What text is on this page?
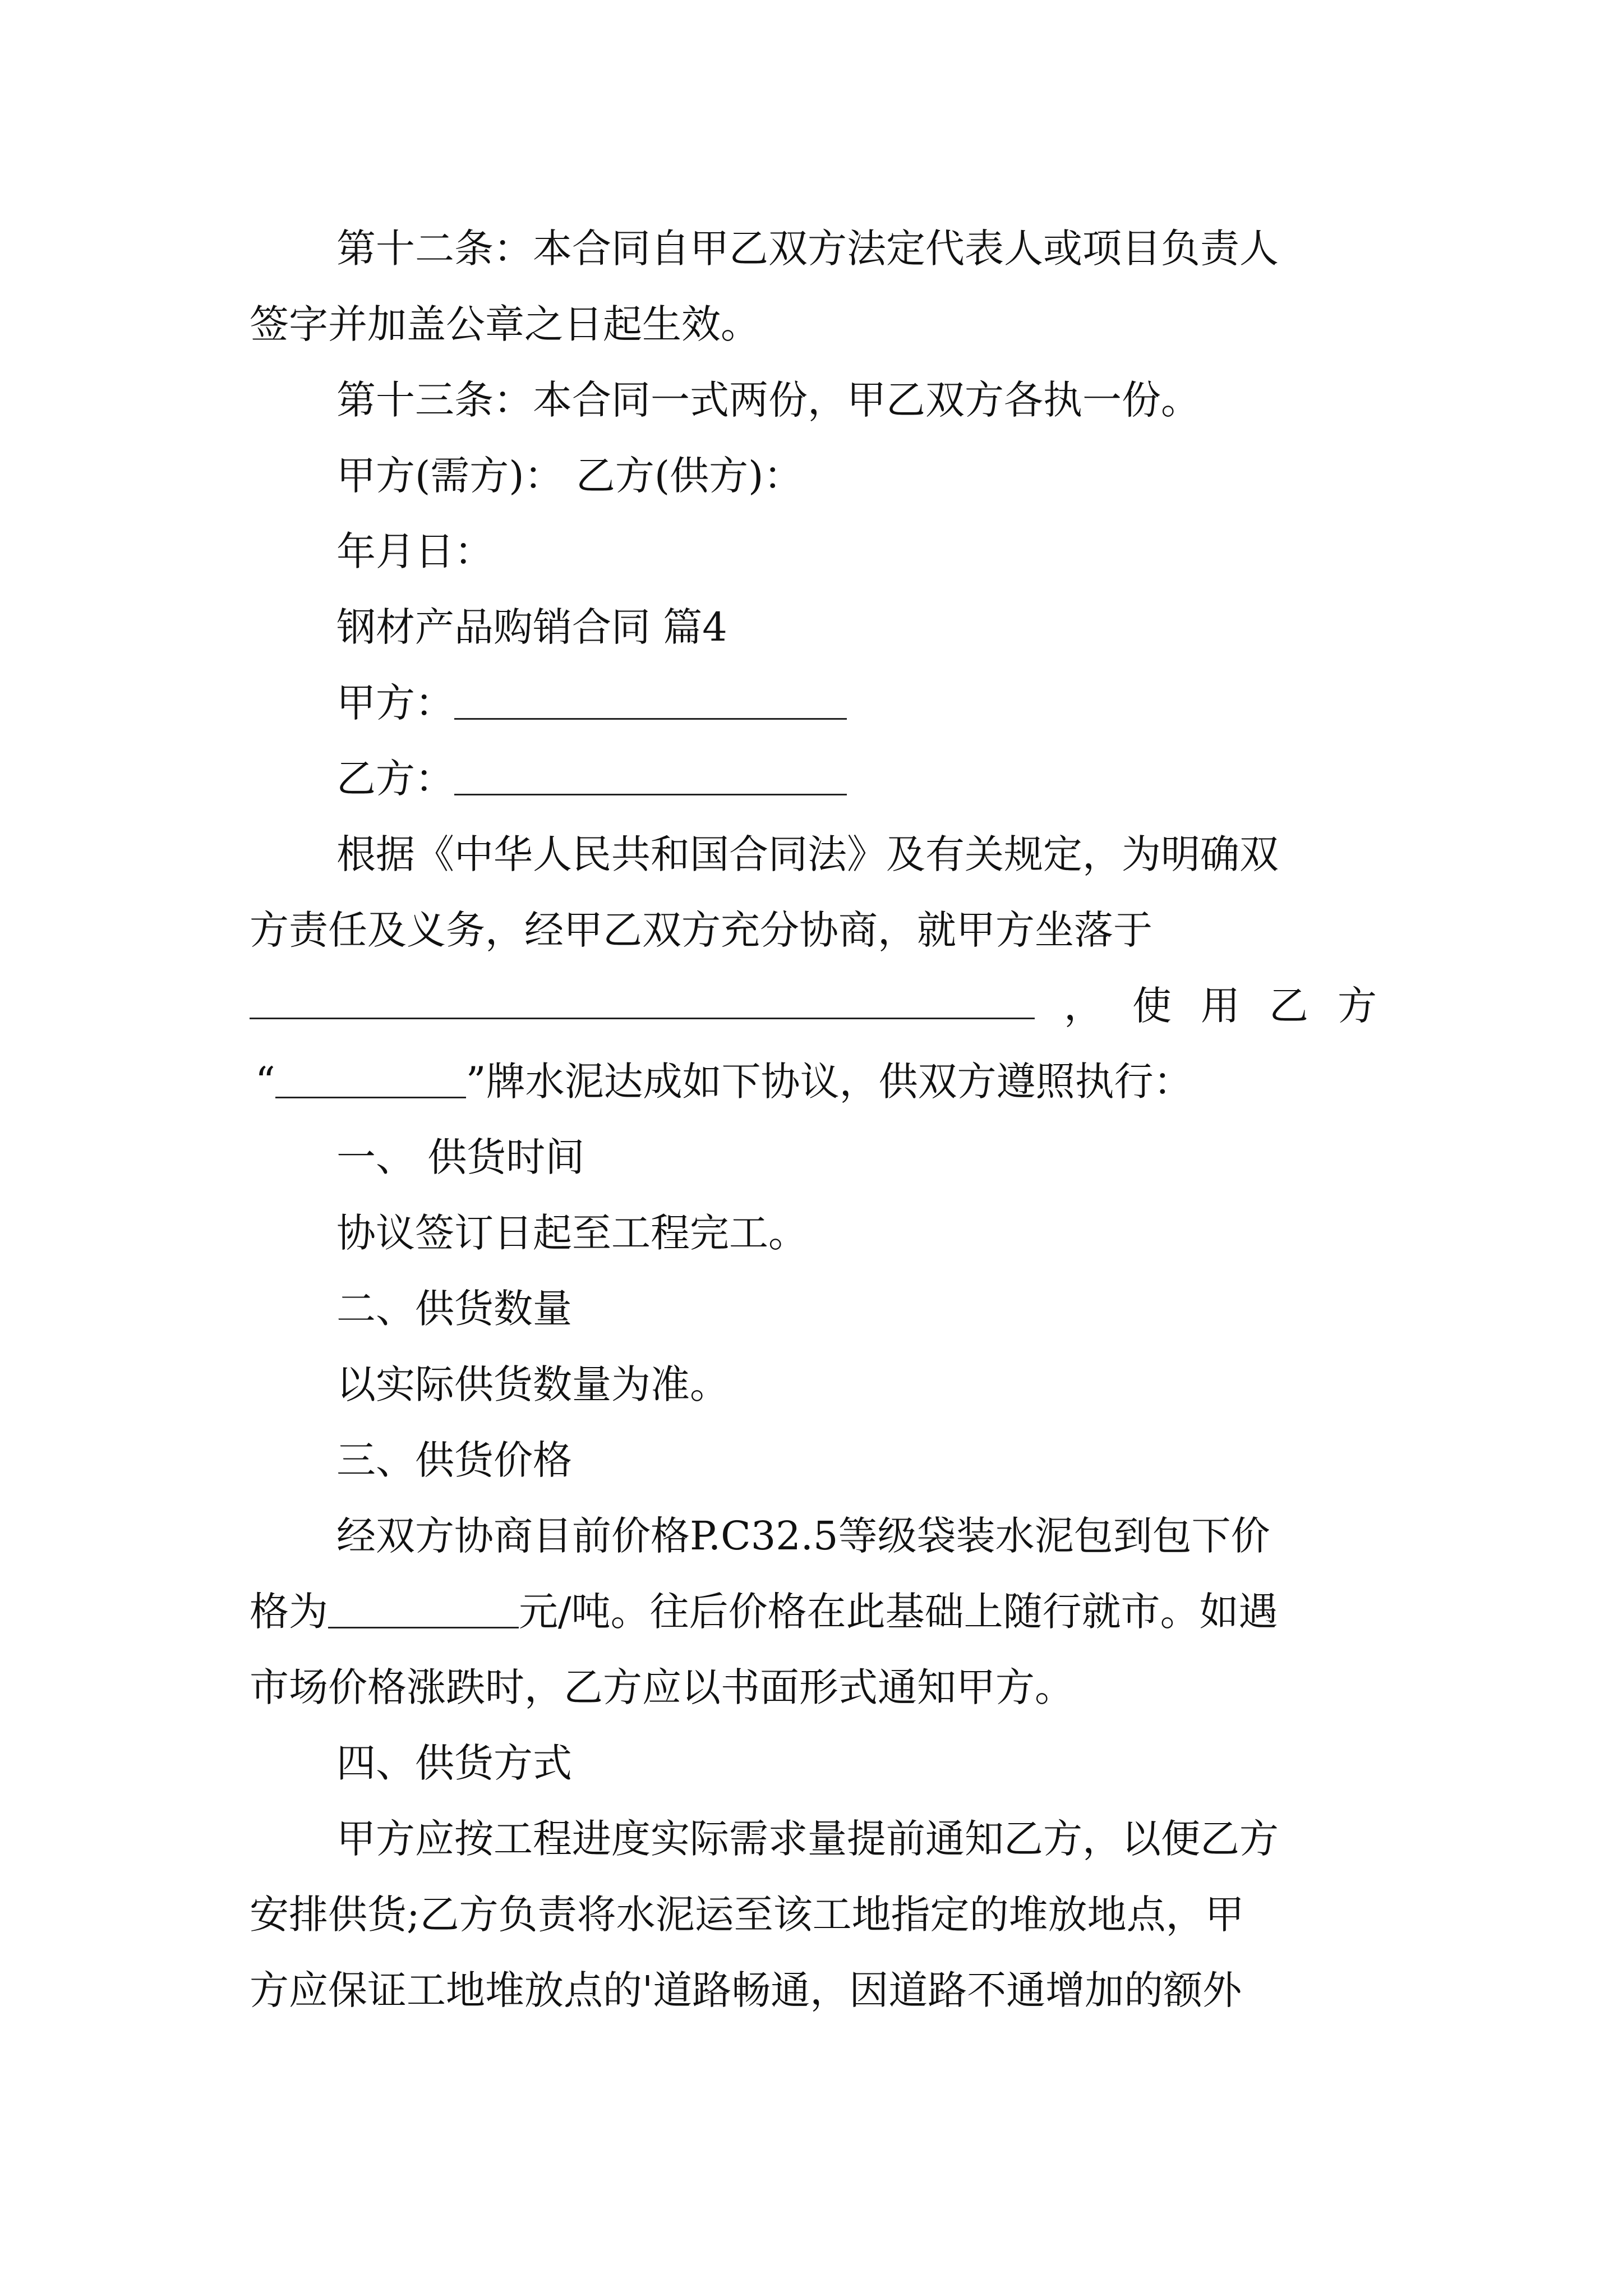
第十二条：本合同自甲乙双方法定代表人或项目负责人
签字并加盖公章之日起生效。
第十三条：本合同一式两份，甲乙双方各执一份。
甲方(需方)： 乙方(供方)：
年月日：
钢材产品购销合同 篇4
甲方：
乙方：
根据《中华人民共和国合同法》及有关规定，为明确双
方责任及义务，经甲乙双方充分协商，就甲方坐落于
， 使 用 乙 方
“	”牌水泥达成如下协议，供双方遵照执行：
一、 供货时间
协议签订日起至工程完工。
二、供货数量
以实际供货数量为准。
三、供货价格
经双方协商目前价格P.C32.5等级袋装水泥包到包下价
格为	元/吨。往后价格在此基础上随行就市。如遇
市场价格涨跌时，乙方应以书面形式通知甲方。
四、供货方式
甲方应按工程进度实际需求量提前通知乙方，以便乙方
安排供货;乙方负责将水泥运至该工地指定的堆放地点，甲
方应保证工地堆放点的'道路畅通，因道路不通增加的额外
